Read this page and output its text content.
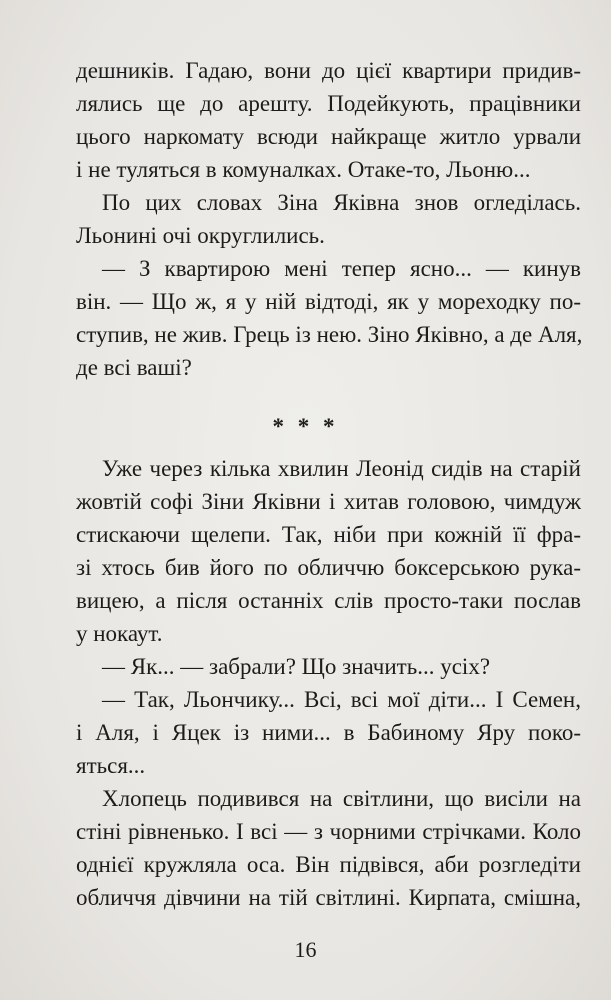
дешників. Гадаю, вони до цієї квартири придив-
лялись ще до арешту. Подейкують, працівники
цього наркомату всюди найкраще житло урвали
і не туляться в комуналках. Отаке-то, Льоню...
По цих словах Зіна Яківна знов огледілась.
Льонині очі округлились.
— З квартирою мені тепер ясно... — кинув
він. — Що ж, я у ній відтоді, як у мореходку по-
ступив, не жив. Грець із нею. Зіно Яківно, а де Аля,
де всі ваші?
* * *
Уже через кілька хвилин Леонід сидів на старій
жовтій софі Зіни Яківни і хитав головою, чимдуж
стискаючи щелепи. Так, ніби при кожній її фра-
зі хтось бив його по обличчю боксерською рука-
вицею, а після останніх слів просто-таки послав
у нокаут.
— Як... — забрали? Що значить... усіх?
— Так, Льончику... Всі, всі мої діти... І Семен,
і Аля, і Яцек із ними... в Бабиному Яру поко-
яться...
Хлопець подивився на світлини, що висіли на
стіні рівненько. І всі — з чорними стрічками. Коло
однієї кружляла оса. Він підвівся, аби розгледіти
обличчя дівчини на тій світлині. Кирпата, смішна,
16
